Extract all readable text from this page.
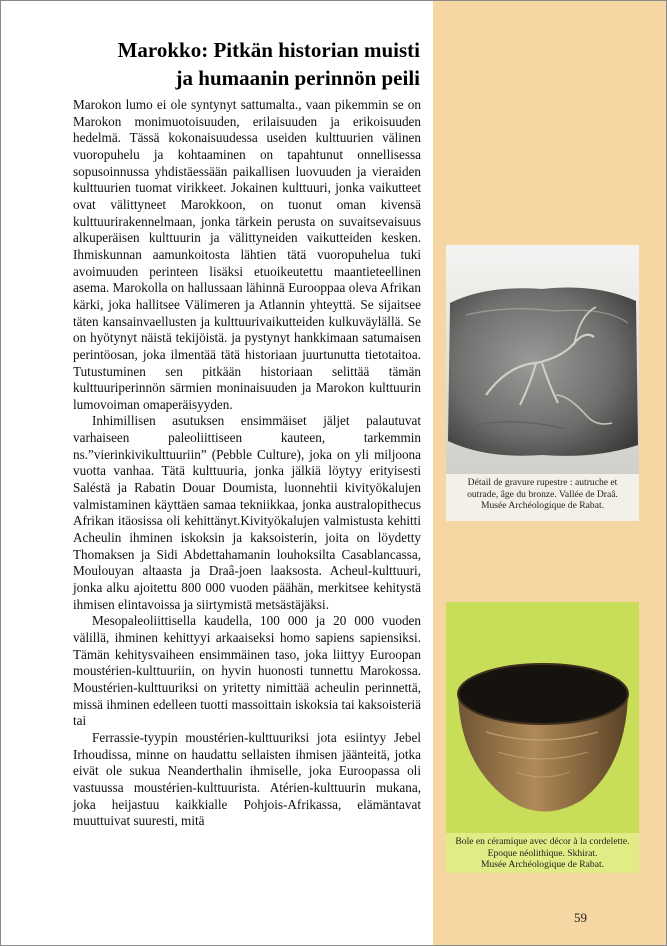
Marokko: Pitkän historian muisti
ja humaanin perinnön peili

Marokon lumo ei ole syntynyt sattumalta., vaan pikemmin se on Marokon monimuotoisuuden, erilaisuuden ja erikoisuuden hedelmä. Tässä kokonaisuudessa useiden kulttuurien välinen vuoropuhelu ja kohtaaminen on tapahtunut onnellisessa sopusoinnussa yhdistäessään paikallisen luovuuden ja vieraiden kulttuurien tuomat virikkeet. Jokainen kulttuuri, jonka vaikutteet ovat välittyneet Marokkoon, on tuonut oman kivensä kulttuurirakennelmaan, jonka tärkein perusta on suvaitsevaisuus alkuperäisen kulttuurin ja välittyneiden vaikutteiden kesken. Ihmiskunnan aamunkoitosta lähtien tätä vuoropuhelua tuki avoimuuden perinteen lisäksi etuoikeutettu maantieteellinen asema. Marokolla on hallussaan lähinnä Eurooppaa oleva Afrikan kärki, joka hallitsee Välimeren ja Atlannin yhteyttä. Se sijaitsee täten kansainvaellusten ja kulttuurivaikutteiden kulkuväylällä. Se on hyötynyt näistä tekijöistä. ja pystynyt hankkimaan satumaisen perintöosan, joka ilmentää tätä historiaan juurtunutta tietotaitoa. Tutustuminen sen pitkään historiaan selittää tämän kulttuuriperinnön särmien moninaisuuden ja Marokon kulttuurin lumovoiman omaperäisyyden.

Inhimillisen asutuksen ensimmäiset jäljet palautuvat varhaiseen paleoliittiseen kauteen, tarkemmin ns.”vierinkivikulttuuriin” (Pebble Culture), joka on yli miljoona vuotta vanhaa. Tätä kulttuuria, jonka jälkiä löytyy erityisesti Saléstä ja Rabatin Douar Doumista, luonnehtii kivityökalujen valmistaminen käyttäen samaa tekniikkaa, jonka australopithecus Afrikan itäosissa oli kehittänyt.Kivityökalujen valmistusta kehitti Acheulin ihminen iskoksin ja kaksoisterin, joita on löydetty Thomaksen ja Sidi Abdettahamanin louhoksilta Casablancassa, Moulouyan altaasta ja Draâ-joen laaksosta. Acheul-kulttuuri, jonka alku ajoitettu 800 000 vuoden päähän, merkitsee kehitystä ihmisen elintavoissa ja siirtymistä metsästäjäksi.

Mesopaleoliittisella kaudella, 100 000 ja 20 000 vuoden välillä, ihminen kehittyyi arkaaiseksi homo sapiens sapiensiksi. Tämän kehitysvaiheen ensimmäinen taso, joka liittyy Euroopan moustérien-kulttuuriin, on hyvin huonosti tunnettu Marokossa. Moustérien-kulttuuriksi on yritetty nimittää acheulin perinnettä, missä ihminen edelleen tuotti massoittain iskoksia tai kaksoisteriä tai

Ferrassie-tyypin moustérien-kulttuuriksi jota esiintyy Jebel Irhoudissa, minne on haudattu sellaisten ihmisen jäänteitä, jotka eivät ole sukua Neanderthalin ihmiselle, joka Euroopassa oli vastuussa moustérien-kulttuurista. Atérien-kulttuurin mukana, joka heijastuu kaikkialle Pohjois-Afrikassa, elämäntavat muuttuivat suuresti, mitä

Détail de gravure rupestre : autruche et
outrade, âge du bronze. Vallée de Draâ.
Musée Archéologique de Rabat.
Bole en céramique avec décor à la cordelette.
Epoque néolithique. Skhirat.
Musée Archéologique de Rabat.
59
